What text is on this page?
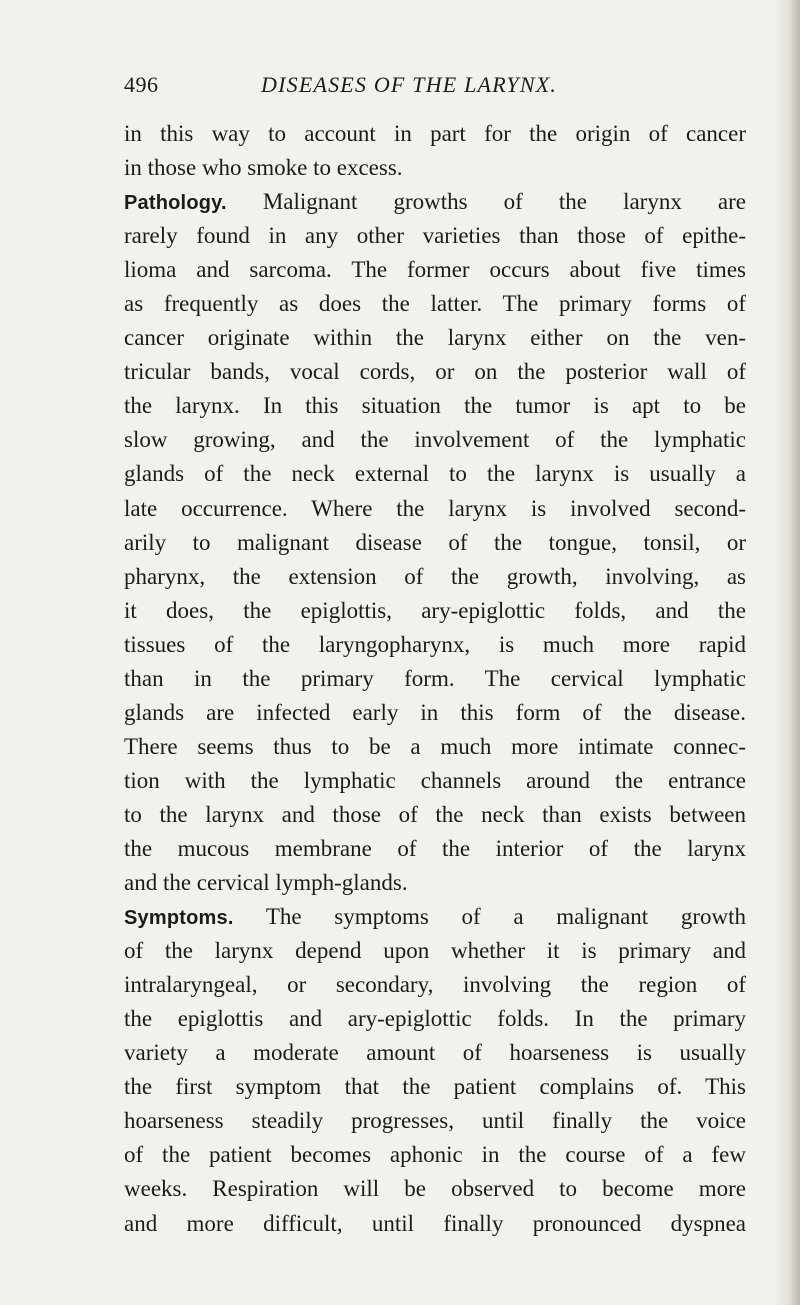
496	DISEASES OF THE LARYNX.
in this way to account in part for the origin of cancer
in those who smoke to excess.
Pathology. Malignant growths of the larynx are
rarely found in any other varieties than those of epithe-
lioma and sarcoma. The former occurs about five times
as frequently as does the latter. The primary forms of
cancer originate within the larynx either on the ven-
tricular bands, vocal cords, or on the posterior wall of
the larynx. In this situation the tumor is apt to be
slow growing, and the involvement of the lymphatic
glands of the neck external to the larynx is usually a
late occurrence. Where the larynx is involved second-
arily to malignant disease of the tongue, tonsil, or
pharynx, the extension of the growth, involving, as
it does, the epiglottis, ary-epiglottic folds, and the
tissues of the laryngopharynx, is much more rapid
than in the primary form. The cervical lymphatic
glands are infected early in this form of the disease.
There seems thus to be a much more intimate connec-
tion with the lymphatic channels around the entrance
to the larynx and those of the neck than exists between
the mucous membrane of the interior of the larynx
and the cervical lymph-glands.
Symptoms. The symptoms of a malignant growth
of the larynx depend upon whether it is primary and
intralaryngeal, or secondary, involving the region of
the epiglottis and ary-epiglottic folds. In the primary
variety a moderate amount of hoarseness is usually
the first symptom that the patient complains of. This
hoarseness steadily progresses, until finally the voice
of the patient becomes aphonic in the course of a few
weeks. Respiration will be observed to become more
and more difficult, until finally pronounced dyspnea
